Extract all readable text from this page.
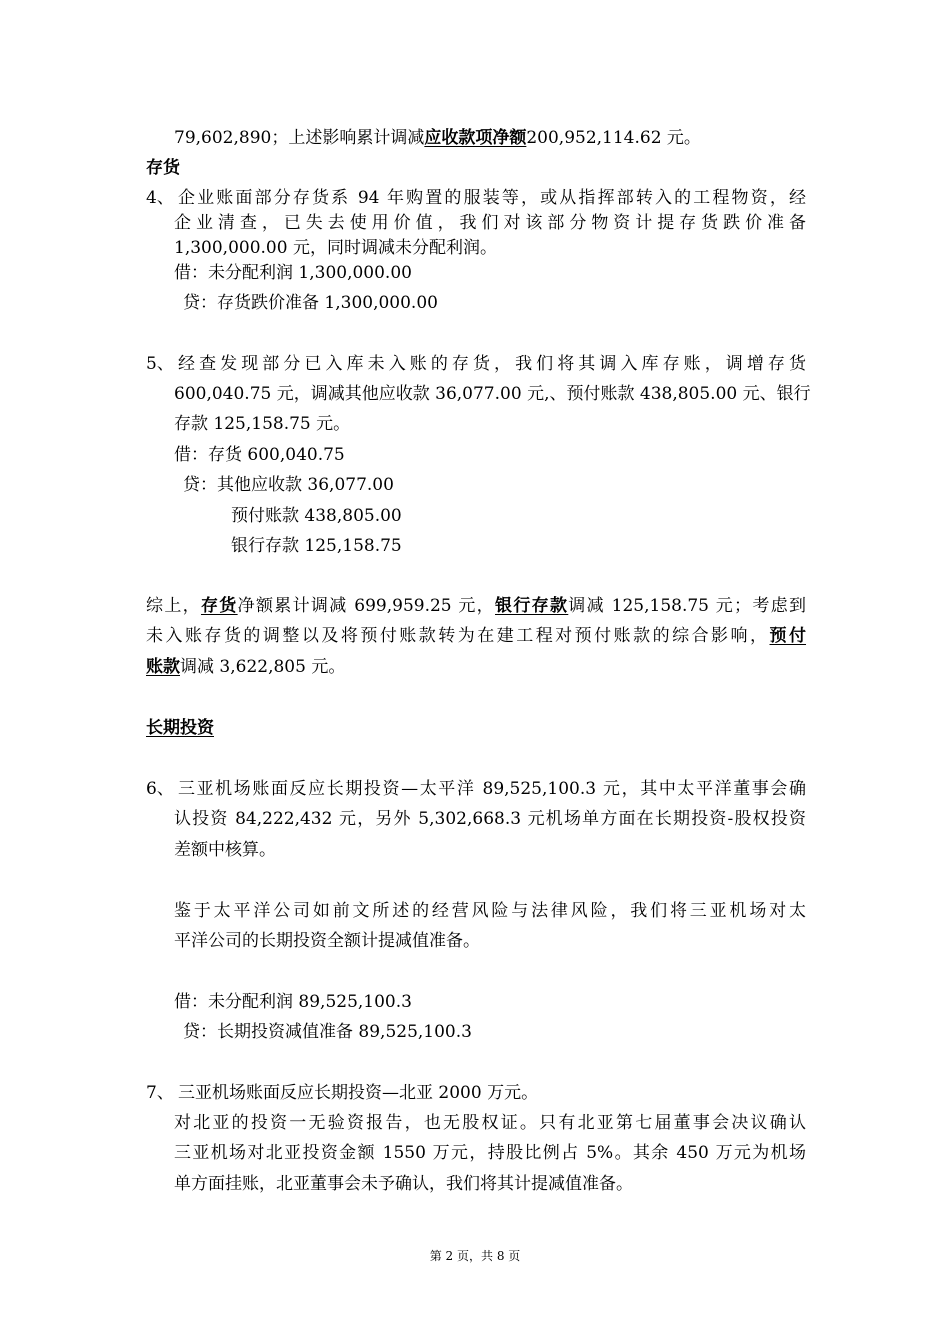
79,602,890；上述影响累计调减应收款项净额200,952,114.62 元。
存货
4、 企业账面部分存货系 94 年购置的服装等，或从指挥部转入的工程物资，经
企业清查，已失去使用价值，我们对该部分物资计提存货跌价准备
1,300,000.00 元，同时调减未分配利润。
借：未分配利润 1,300,000.00
贷：存货跌价准备 1,300,000.00
5、 经查发现部分已入库未入账的存货，我们将其调入库存账，调增存货
600,040.75 元，调减其他应收款 36,077.00 元,、预付账款 438,805.00 元、银行
存款 125,158.75 元。
借：存货 600,040.75
贷：其他应收款 36,077.00
预付账款 438,805.00
银行存款 125,158.75
综上，存货净额累计调减 699,959.25 元，银行存款调减 125,158.75 元；考虑到
未入账存货的调整以及将预付账款转为在建工程对预付账款的综合影响，预付
账款调减 3,622,805 元。
长期投资
6、 三亚机场账面反应长期投资—太平洋 89,525,100.3 元，其中太平洋董事会确
认投资 84,222,432 元，另外 5,302,668.3 元机场单方面在长期投资-股权投资
差额中核算。
鉴于太平洋公司如前文所述的经营风险与法律风险，我们将三亚机场对太
平洋公司的长期投资全额计提减值准备。
借：未分配利润 89,525,100.3
贷：长期投资减值准备 89,525,100.3
7、 三亚机场账面反应长期投资—北亚 2000 万元。
对北亚的投资一无验资报告，也无股权证。只有北亚第七届董事会决议确认
三亚机场对北亚投资金额 1550 万元，持股比例占 5%。其余 450 万元为机场
单方面挂账，北亚董事会未予确认，我们将其计提减值准备。
第 2 页，共 8 页
